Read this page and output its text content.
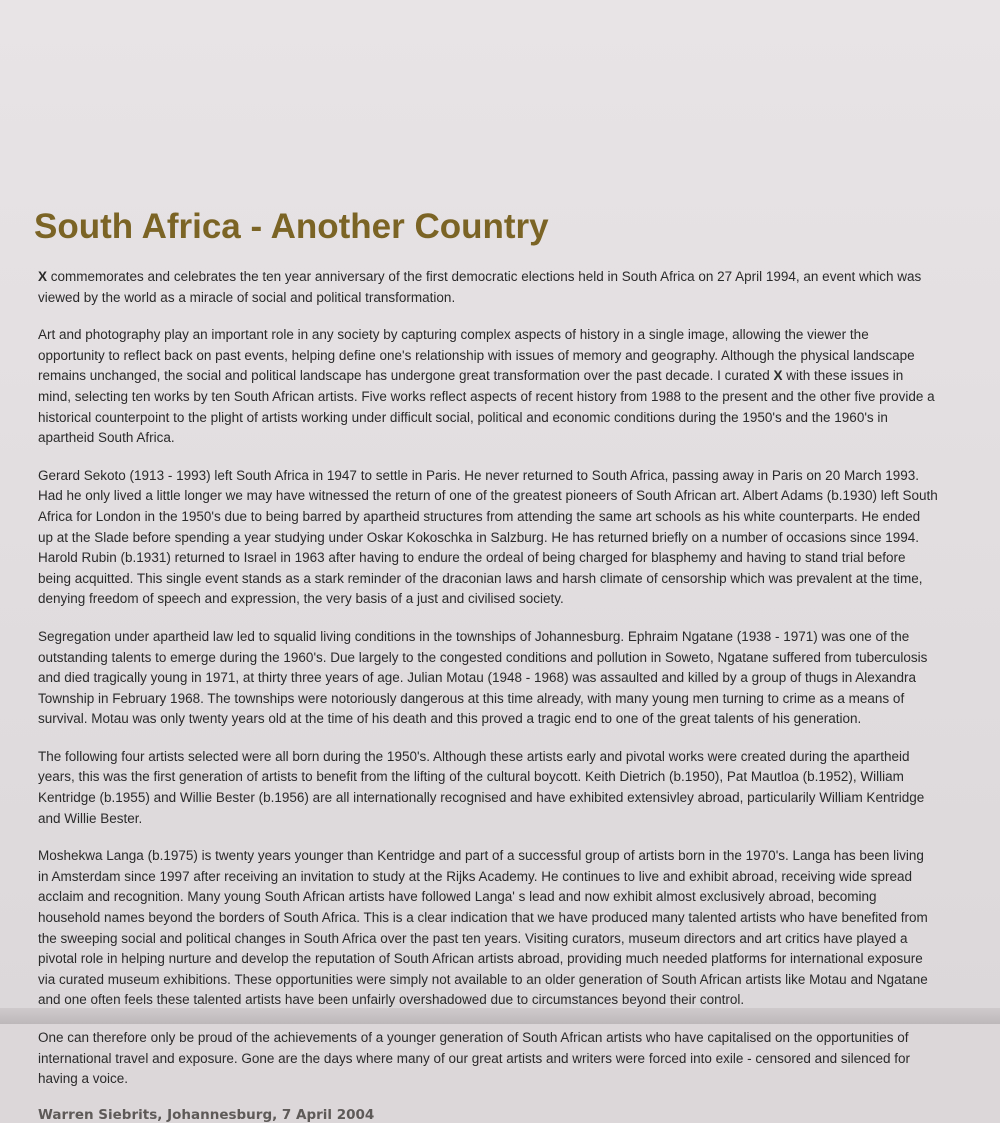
South Africa - Another Country

X commemorates and celebrates the ten year anniversary of the first democratic elections held in South Africa on 27 April 1994, an event which was viewed by the world as a miracle of social and political transformation.

Art and photography play an important role in any society by capturing complex aspects of history in a single image, allowing the viewer the opportunity to reflect back on past events, helping define one's relationship with issues of memory and geography. Although the physical landscape remains unchanged, the social and political landscape has undergone great transformation over the past decade. I curated X with these issues in mind, selecting ten works by ten South African artists. Five works reflect aspects of recent history from 1988 to the present and the other five provide a historical counterpoint to the plight of artists working under difficult social, political and economic conditions during the 1950's and the 1960's in apartheid South Africa.

Gerard Sekoto (1913 - 1993) left South Africa in 1947 to settle in Paris. He never returned to South Africa, passing away in Paris on 20 March 1993. Had he only lived a little longer we may have witnessed the return of one of the greatest pioneers of South African art. Albert Adams (b.1930) left South Africa for London in the 1950's due to being barred by apartheid structures from attending the same art schools as his white counterparts. He ended up at the Slade before spending a year studying under Oskar Kokoschka in Salzburg. He has returned briefly on a number of occasions since 1994. Harold Rubin (b.1931) returned to Israel in 1963 after having to endure the ordeal of being charged for blasphemy and having to stand trial before being acquitted. This single event stands as a stark reminder of the draconian laws and harsh climate of censorship which was prevalent at the time, denying freedom of speech and expression, the very basis of a just and civilised society.

Segregation under apartheid law led to squalid living conditions in the townships of Johannesburg. Ephraim Ngatane (1938 - 1971) was one of the outstanding talents to emerge during the 1960's. Due largely to the congested conditions and pollution in Soweto, Ngatane suffered from tuberculosis and died tragically young in 1971, at thirty three years of age. Julian Motau (1948 - 1968) was assaulted and killed by a group of thugs in Alexandra Township in February 1968. The townships were notoriously dangerous at this time already, with many young men turning to crime as a means of survival. Motau was only twenty years old at the time of his death and this proved a tragic end to one of the great talents of his generation.

The following four artists selected were all born during the 1950's. Although these artists early and pivotal works were created during the apartheid years, this was the first generation of artists to benefit from the lifting of the cultural boycott. Keith Dietrich (b.1950), Pat Mautloa (b.1952), William Kentridge (b.1955) and Willie Bester (b.1956) are all internationally recognised and have exhibited extensivley abroad, particularily William Kentridge and Willie Bester.

Moshekwa Langa (b.1975) is twenty years younger than Kentridge and part of a successful group of artists born in the 1970's. Langa has been living in Amsterdam since 1997 after receiving an invitation to study at the Rijks Academy. He continues to live and exhibit abroad, receiving wide spread acclaim and recognition. Many young South African artists have followed Langa' s lead and now exhibit almost exclusively abroad, becoming household names beyond the borders of South Africa. This is a clear indication that we have produced many talented artists who have benefited from the sweeping social and political changes in South Africa over the past ten years. Visiting curators, museum directors and art critics have played a pivotal role in helping nurture and develop the reputation of South African artists abroad, providing much needed platforms for international exposure via curated museum exhibitions. These opportunities were simply not available to an older generation of South African artists like Motau and Ngatane and one often feels these talented artists have been unfairly overshadowed due to circumstances beyond their control.

One can therefore only be proud of the achievements of a younger generation of South African artists who have capitalised on the opportunities of international travel and exposure. Gone are the days where many of our great artists and writers were forced into exile - censored and silenced for having a voice.

Warren Siebrits, Johannesburg, 7 April 2004
